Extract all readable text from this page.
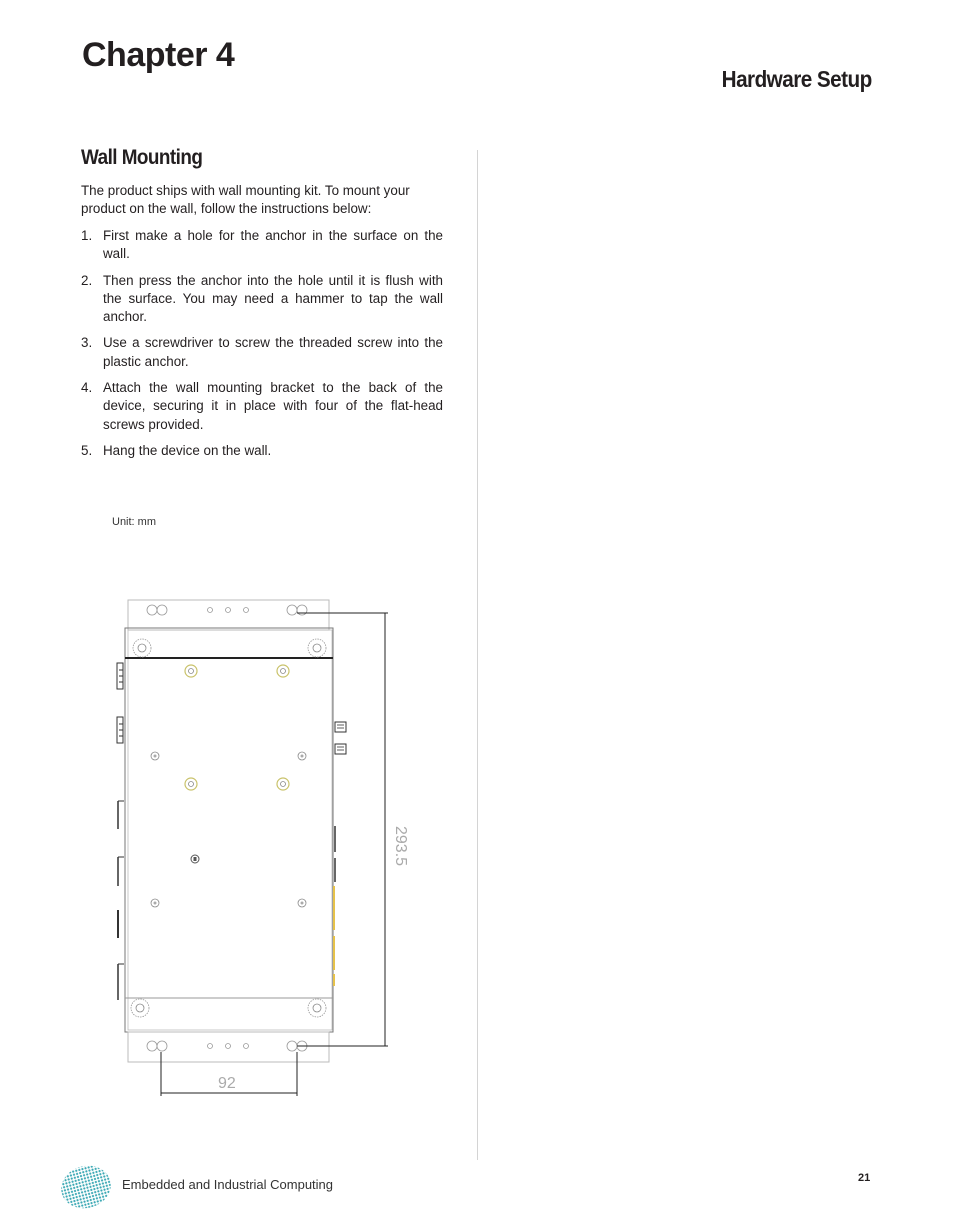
Chapter 4
Hardware Setup
Wall Mounting

The product ships with wall mounting kit. To mount your product on the wall, follow the instructions below:

1. First make a hole for the anchor in the surface on the wall.
2. Then press the anchor into the hole until it is flush with the surface. You may need a hammer to tap the wall anchor.
3. Use a screwdriver to screw the threaded screw into the plastic anchor.
4. Attach the wall mounting bracket to the back of the device, securing it in place with four of the flat-head screws provided.
5. Hang the device on the wall.
Unit: mm
293.5
92
Embedded and Industrial Computing	21
